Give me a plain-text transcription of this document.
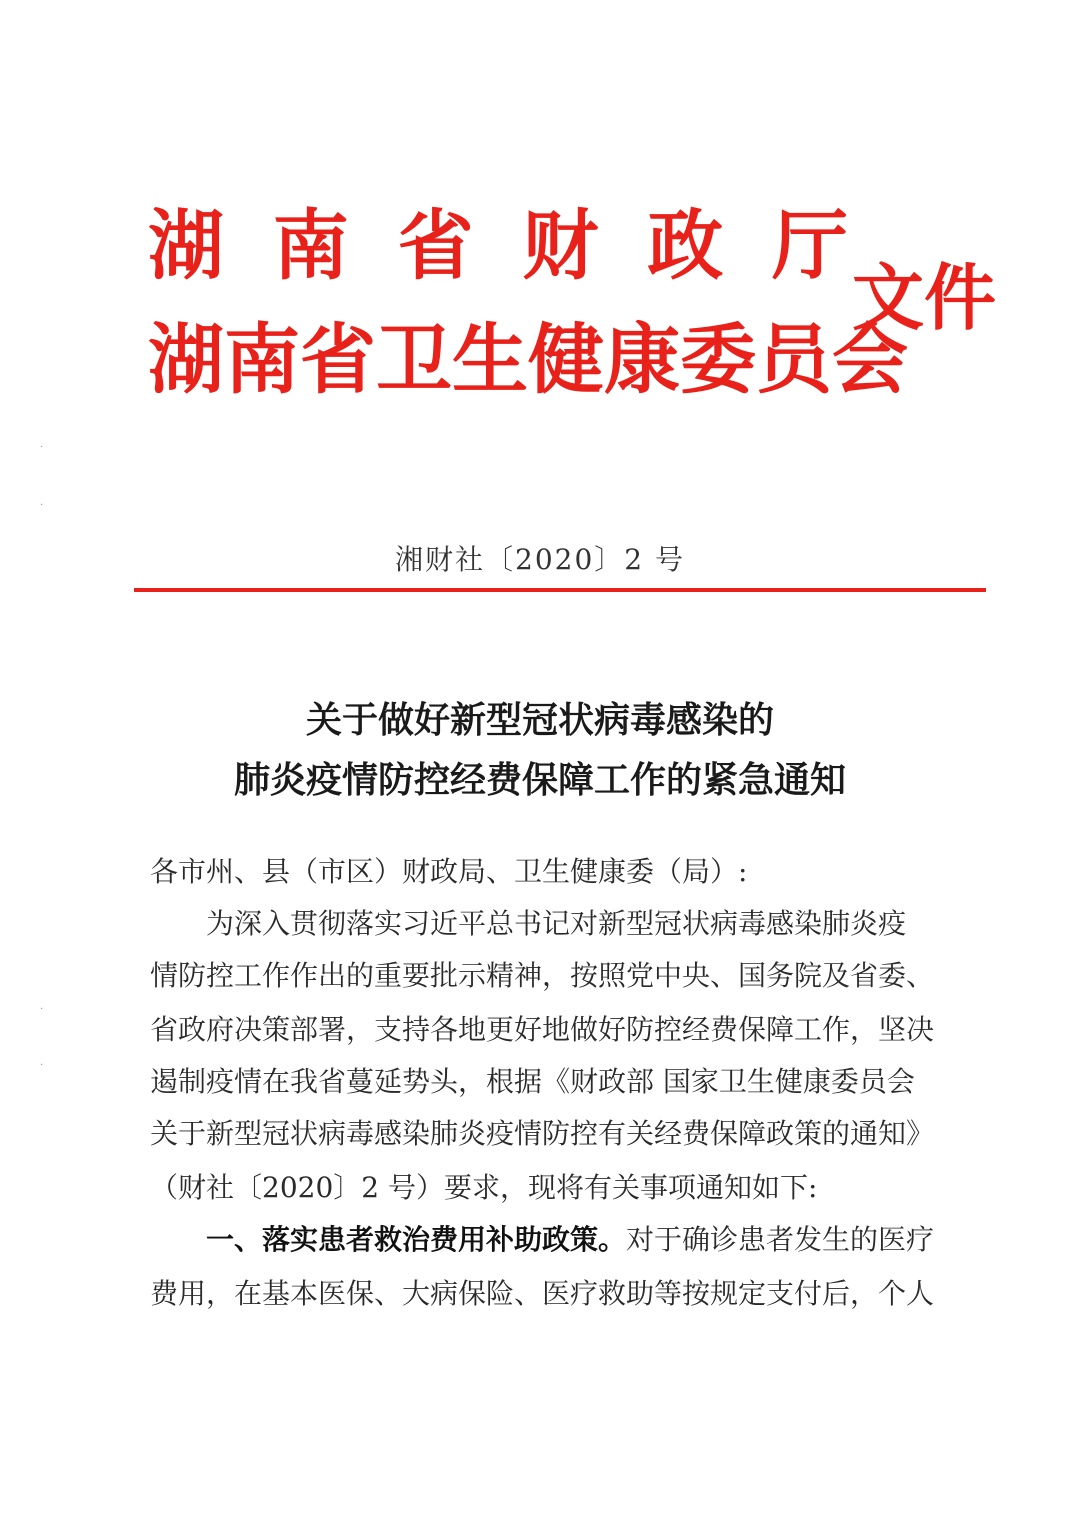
湖 南 省 财 政 厅
湖南省卫生健康委员会
文件
·
·
·
·
湘财社〔2020〕2 号
关于做好新型冠状病毒感染的
肺炎疫情防控经费保障工作的紧急通知
各市州、县（市区）财政局、卫生健康委（局）:
为深入贯彻落实习近平总书记对新型冠状病毒感染肺炎疫
情防控工作作出的重要批示精神，按照党中央、国务院及省委、
省政府决策部署，支持各地更好地做好防控经费保障工作，坚决
遏制疫情在我省蔓延势头，根据《财政部 国家卫生健康委员会
关于新型冠状病毒感染肺炎疫情防控有关经费保障政策的通知》
（财社〔2020〕2 号）要求，现将有关事项通知如下:
一、落实患者救治费用补助政策。对于确诊患者发生的医疗
费用，在基本医保、大病保险、医疗救助等按规定支付后，个人
